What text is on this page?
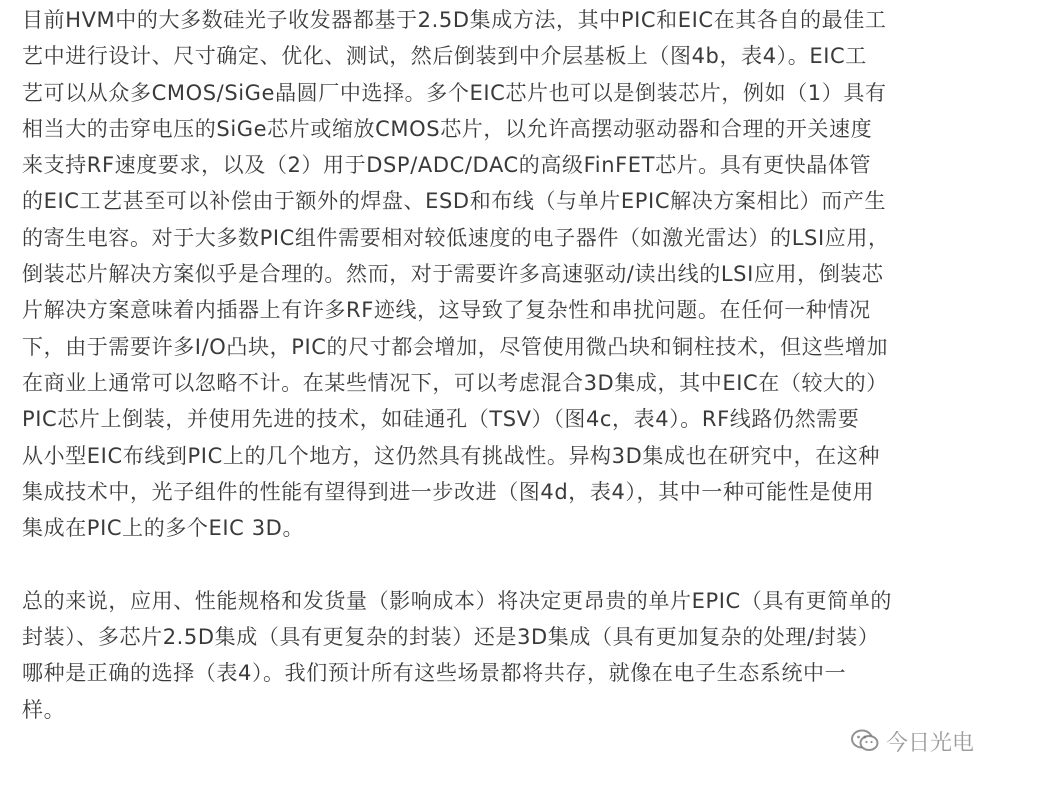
目前HVM中的大多数硅光子收发器都基于2.5D集成方法，其中PIC和EIC在其各自的最佳工
艺中进行设计、尺寸确定、优化、测试，然后倒装到中介层基板上（图4b，表4）。EIC工
艺可以从众多CMOS/SiGe晶圆厂中选择。多个EIC芯片也可以是倒装芯片，例如（1）具有
相当大的击穿电压的SiGe芯片或缩放CMOS芯片，以允许高摆动驱动器和合理的开关速度
来支持RF速度要求，以及（2）用于DSP/ADC/DAC的高级FinFET芯片。具有更快晶体管
的EIC工艺甚至可以补偿由于额外的焊盘、ESD和布线（与单片EPIC解决方案相比）而产生
的寄生电容。对于大多数PIC组件需要相对较低速度的电子器件（如激光雷达）的LSI应用，
倒装芯片解决方案似乎是合理的。然而，对于需要许多高速驱动/读出线的LSI应用，倒装芯
片解决方案意味着内插器上有许多RF迹线，这导致了复杂性和串扰问题。在任何一种情况
下，由于需要许多I/O凸块，PIC的尺寸都会增加，尽管使用微凸块和铜柱技术，但这些增加
在商业上通常可以忽略不计。在某些情况下，可以考虑混合3D集成，其中EIC在（较大的）
PIC芯片上倒装，并使用先进的技术，如硅通孔（TSV）（图4c，表4）。RF线路仍然需要
从小型EIC布线到PIC上的几个地方，这仍然具有挑战性。异构3D集成也在研究中，在这种
集成技术中，光子组件的性能有望得到进一步改进（图4d，表4），其中一种可能性是使用
集成在PIC上的多个EIC 3D。
总的来说，应用、性能规格和发货量（影响成本）将决定更昂贵的单片EPIC（具有更简单的
封装）、多芯片2.5D集成（具有更复杂的封装）还是3D集成（具有更加复杂的处理/封装）
哪种是正确的选择（表4）。我们预计所有这些场景都将共存，就像在电子生态系统中一
样。
今日光电
